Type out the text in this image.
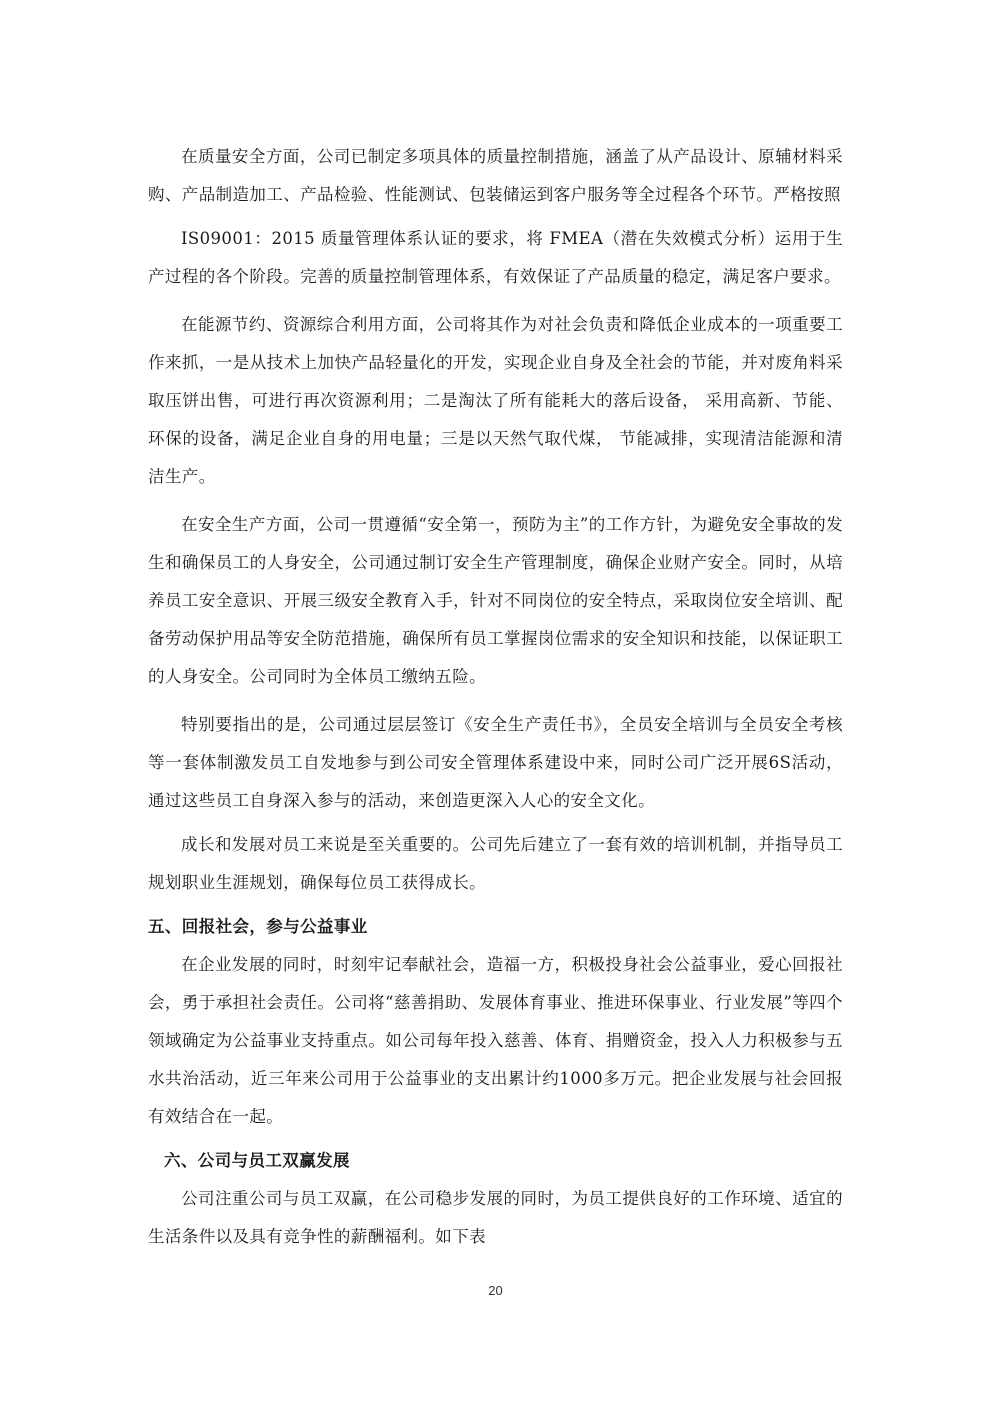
在质量安全方面，公司已制定多项具体的质量控制措施，涵盖了从产品设计、原辅材料采购、产品制造加工、产品检验、性能测试、包装储运到客户服务等全过程各个环节。严格按照

IS09001：2015 质量管理体系认证的要求，将 FMEA（潜在失效模式分析）运用于生产过程的各个阶段。完善的质量控制管理体系，有效保证了产品质量的稳定，满足客户要求。

在能源节约、资源综合利用方面，公司将其作为对社会负责和降低企业成本的一项重要工作来抓，一是从技术上加快产品轻量化的开发，实现企业自身及全社会的节能，并对废角料采取压饼出售，可进行再次资源利用；二是淘汰了所有能耗大的落后设备， 采用高新、节能、环保的设备，满足企业自身的用电量；三是以天然气取代煤， 节能减排，实现清洁能源和清洁生产。

在安全生产方面，公司一贯遵循“安全第一，预防为主”的工作方针，为避免安全事故的发生和确保员工的人身安全，公司通过制订安全生产管理制度，确保企业财产安全。同时，从培养员工安全意识、开展三级安全教育入手，针对不同岗位的安全特点，采取岗位安全培训、配备劳动保护用品等安全防范措施，确保所有员工掌握岗位需求的安全知识和技能，以保证职工的人身安全。公司同时为全体员工缴纳五险。

特别要指出的是，公司通过层层签订《安全生产责任书》，全员安全培训与全员安全考核等一套体制激发员工自发地参与到公司安全管理体系建设中来，同时公司广泛开展6S活动，通过这些员工自身深入参与的活动，来创造更深入人心的安全文化。

成长和发展对员工来说是至关重要的。公司先后建立了一套有效的培训机制，并指导员工规划职业生涯规划，确保每位员工获得成长。

五、回报社会，参与公益事业

在企业发展的同时，时刻牢记奉献社会，造福一方，积极投身社会公益事业，爱心回报社会，勇于承担社会责任。公司将“慈善捐助、发展体育事业、推进环保事业、行业发展”等四个领域确定为公益事业支持重点。如公司每年投入慈善、体育、捐赠资金，投入人力积极参与五水共治活动，近三年来公司用于公益事业的支出累计约1000多万元。把企业发展与社会回报有效结合在一起。

六、公司与员工双赢发展

公司注重公司与员工双赢，在公司稳步发展的同时，为员工提供良好的工作环境、适宜的生活条件以及具有竞争性的薪酬福利。如下表

20
